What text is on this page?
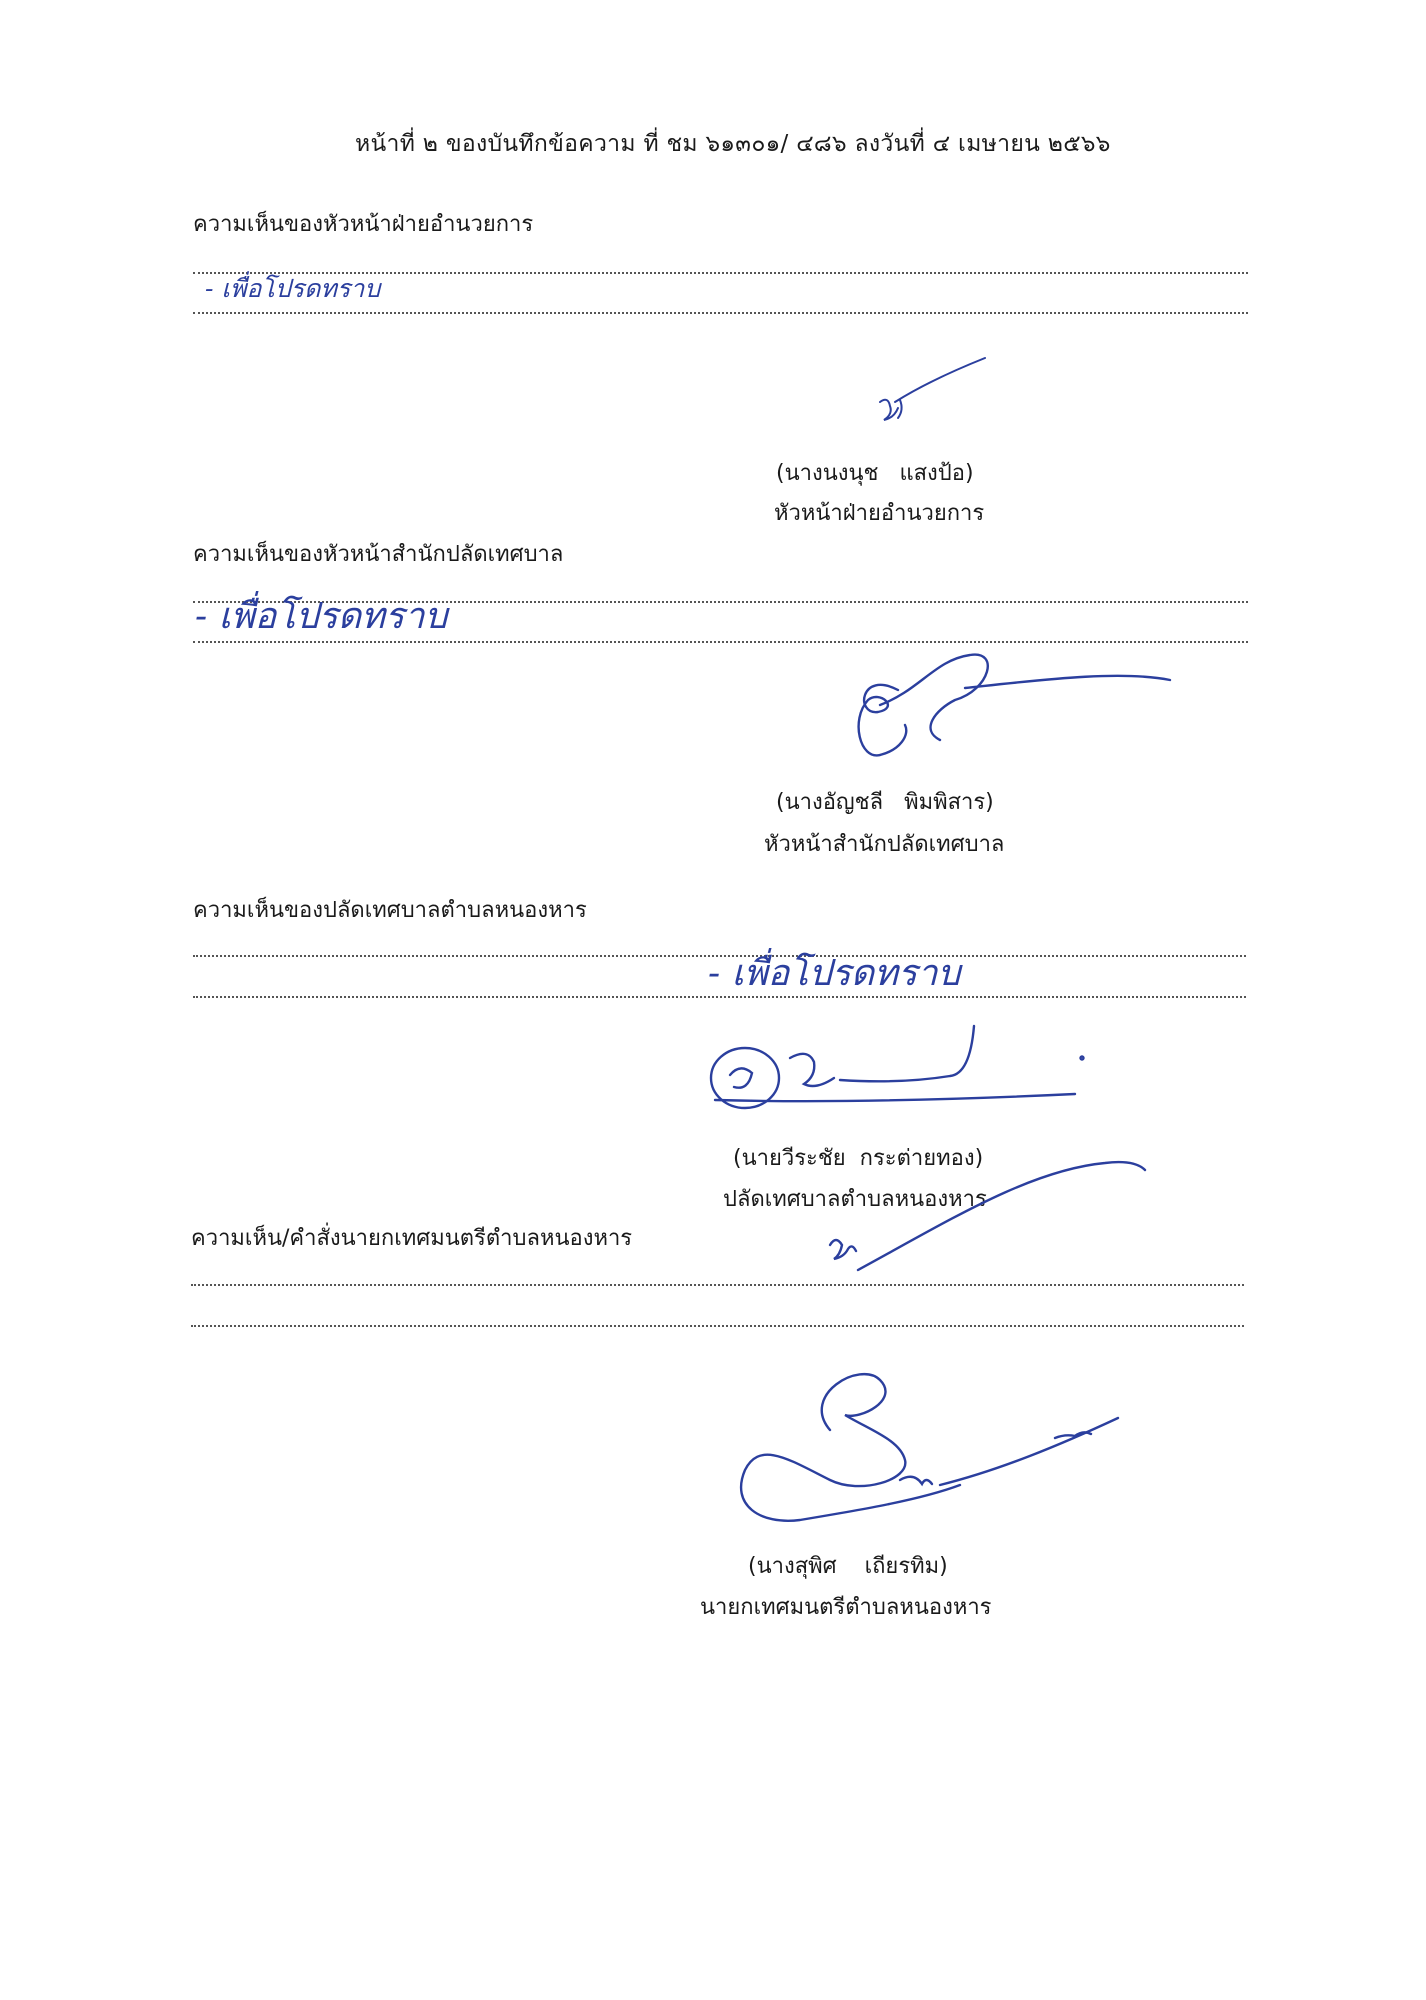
หน้าที่ ๒ ของบันทึกข้อความ ที่ ชม ๖๑๓๐๑/ ๔๘๖ ลงวันที่ ๔ เมษายน ๒๕๖๖
ความเห็นของหัวหน้าฝ่ายอำนวยการ
(นางนงนุช   แสงป้อ)
หัวหน้าฝ่ายอำนวยการ
ความเห็นของหัวหน้าสำนักปลัดเทศบาล
(นางอัญชลี   พิมพิสาร)
หัวหน้าสำนักปลัดเทศบาล
ความเห็นของปลัดเทศบาลตำบลหนองหาร
(นายวีระชัย  กระต่ายทอง)
ปลัดเทศบาลตำบลหนองหาร
ความเห็น/คำสั่งนายกเทศมนตรีตำบลหนองหาร
(นางสุพิศ    เถียรทิม)
นายกเทศมนตรีตำบลหนองหาร
- เพื่อโปรดทราบ
- เพื่อโปรดทราบ
- เพื่อโปรดทราบ
